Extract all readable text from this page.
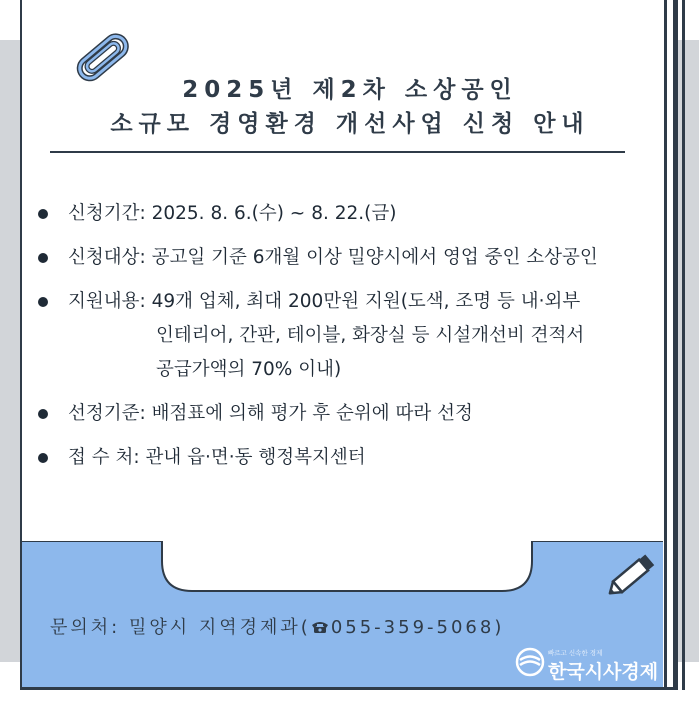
2025년 제2차 소상공인
소규모 경영환경 개선사업 신청 안내
신청기간: 2025. 8. 6.(수) ~ 8. 22.(금)
신청대상: 공고일 기준 6개월 이상 밀양시에서 영업 중인 소상공인
지원내용: 49개 업체, 최대 200만원 지원(도색, 조명 등 내·외부
인테리어, 간판, 테이블, 화장실 등 시설개선비 견적서
공급가액의 70% 이내)
선정기준: 배점표에 의해 평가 후 순위에 따라 선정
접 수 처: 관내 읍·면·동 행정복지센터
문의처: 밀양시 지역경제과( 055-359-5068)
빠르고 신속한 경제
한국시사경제
